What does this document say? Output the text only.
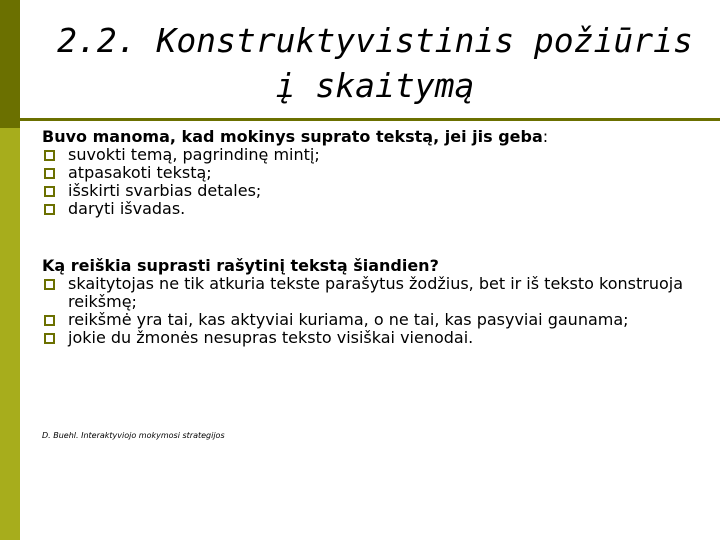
2.2. Konstruktyvistinis požiūris
į skaitymą

Buvo manoma, kad mokinys suprato tekstą, jei jis geba:

suvokti temą, pagrindinę mintį;
atpasakoti tekstą;
išskirti svarbias detales;
daryti išvadas.

Ką reiškia suprasti rašytinį tekstą šiandien?

skaitytojas ne tik atkuria tekste parašytus žodžius, bet ir iš teksto konstruoja reikšmę;
reikšmė yra tai, kas aktyviai kuriama, o ne tai, kas pasyviai gaunama;
jokie du žmonės nesupras teksto visiškai vienodai.
D. Buehl. Interaktyviojo mokymosi strategijos
